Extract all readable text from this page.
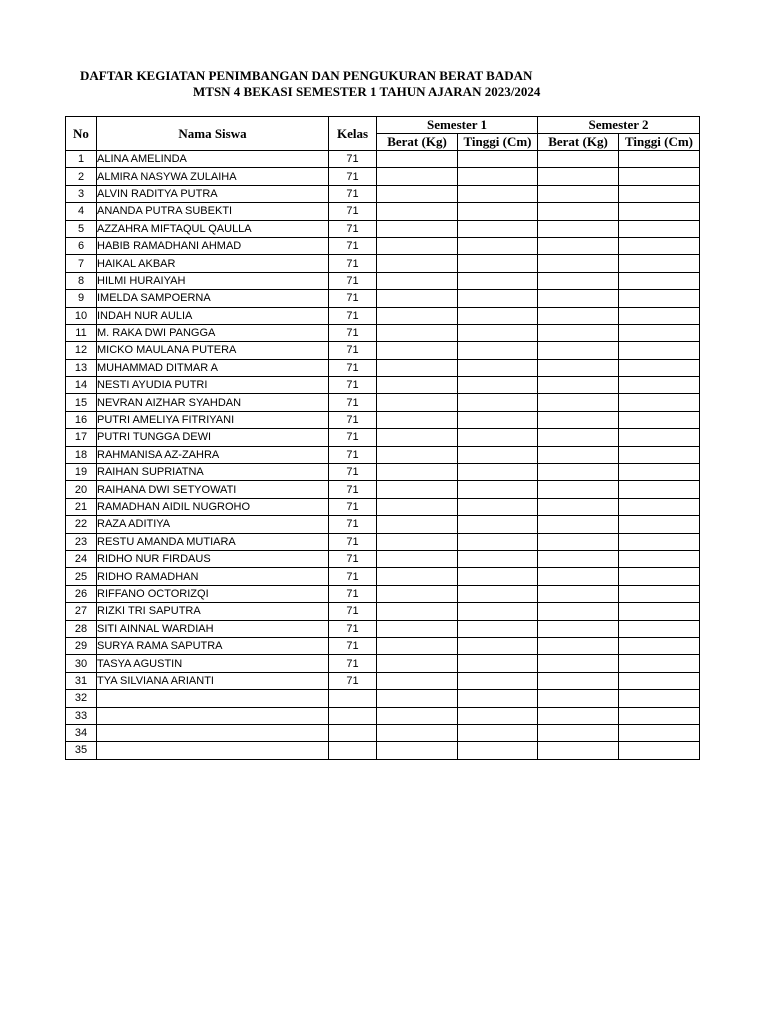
DAFTAR KEGIATAN PENIMBANGAN DAN PENGUKURAN BERAT BADAN
MTSN 4 BEKASI SEMESTER 1 TAHUN AJARAN 2023/2024
No	Nama Siswa	Kelas	Semester 1		Semester 2	
			Berat (Kg)	Tinggi (Cm)	Berat (Kg)	Tinggi (Cm)
1	ALINA AMELINDA	71				
2	ALMIRA NASYWA ZULAIHA	71				
3	ALVIN RADITYA PUTRA	71				
4	ANANDA PUTRA SUBEKTI	71				
5	AZZAHRA MIFTAQUL QAULLA	71				
6	HABIB RAMADHANI AHMAD	71				
7	HAIKAL AKBAR	71				
8	HILMI HURAIYAH	71				
9	IMELDA SAMPOERNA	71				
10	INDAH NUR AULIA	71				
11	M. RAKA DWI PANGGA	71				
12	MICKO MAULANA PUTERA	71				
13	MUHAMMAD DITMAR A	71				
14	NESTI AYUDIA PUTRI	71				
15	NEVRAN AIZHAR SYAHDAN	71				
16	PUTRI AMELIYA FITRIYANI	71				
17	PUTRI TUNGGA DEWI	71				
18	RAHMANISA AZ-ZAHRA	71				
19	RAIHAN SUPRIATNA	71				
20	RAIHANA DWI SETYOWATI	71				
21	RAMADHAN AIDIL NUGROHO	71				
22	RAZA ADITIYA	71				
23	RESTU AMANDA MUTIARA	71				
24	RIDHO NUR FIRDAUS	71				
25	RIDHO RAMADHAN	71				
26	RIFFANO OCTORIZQI	71				
27	RIZKI TRI SAPUTRA	71				
28	SITI AINNAL WARDIAH	71				
29	SURYA RAMA SAPUTRA	71				
30	TASYA AGUSTIN	71				
31	TYA SILVIANA ARIANTI	71				
32						
33						
34						
35						
